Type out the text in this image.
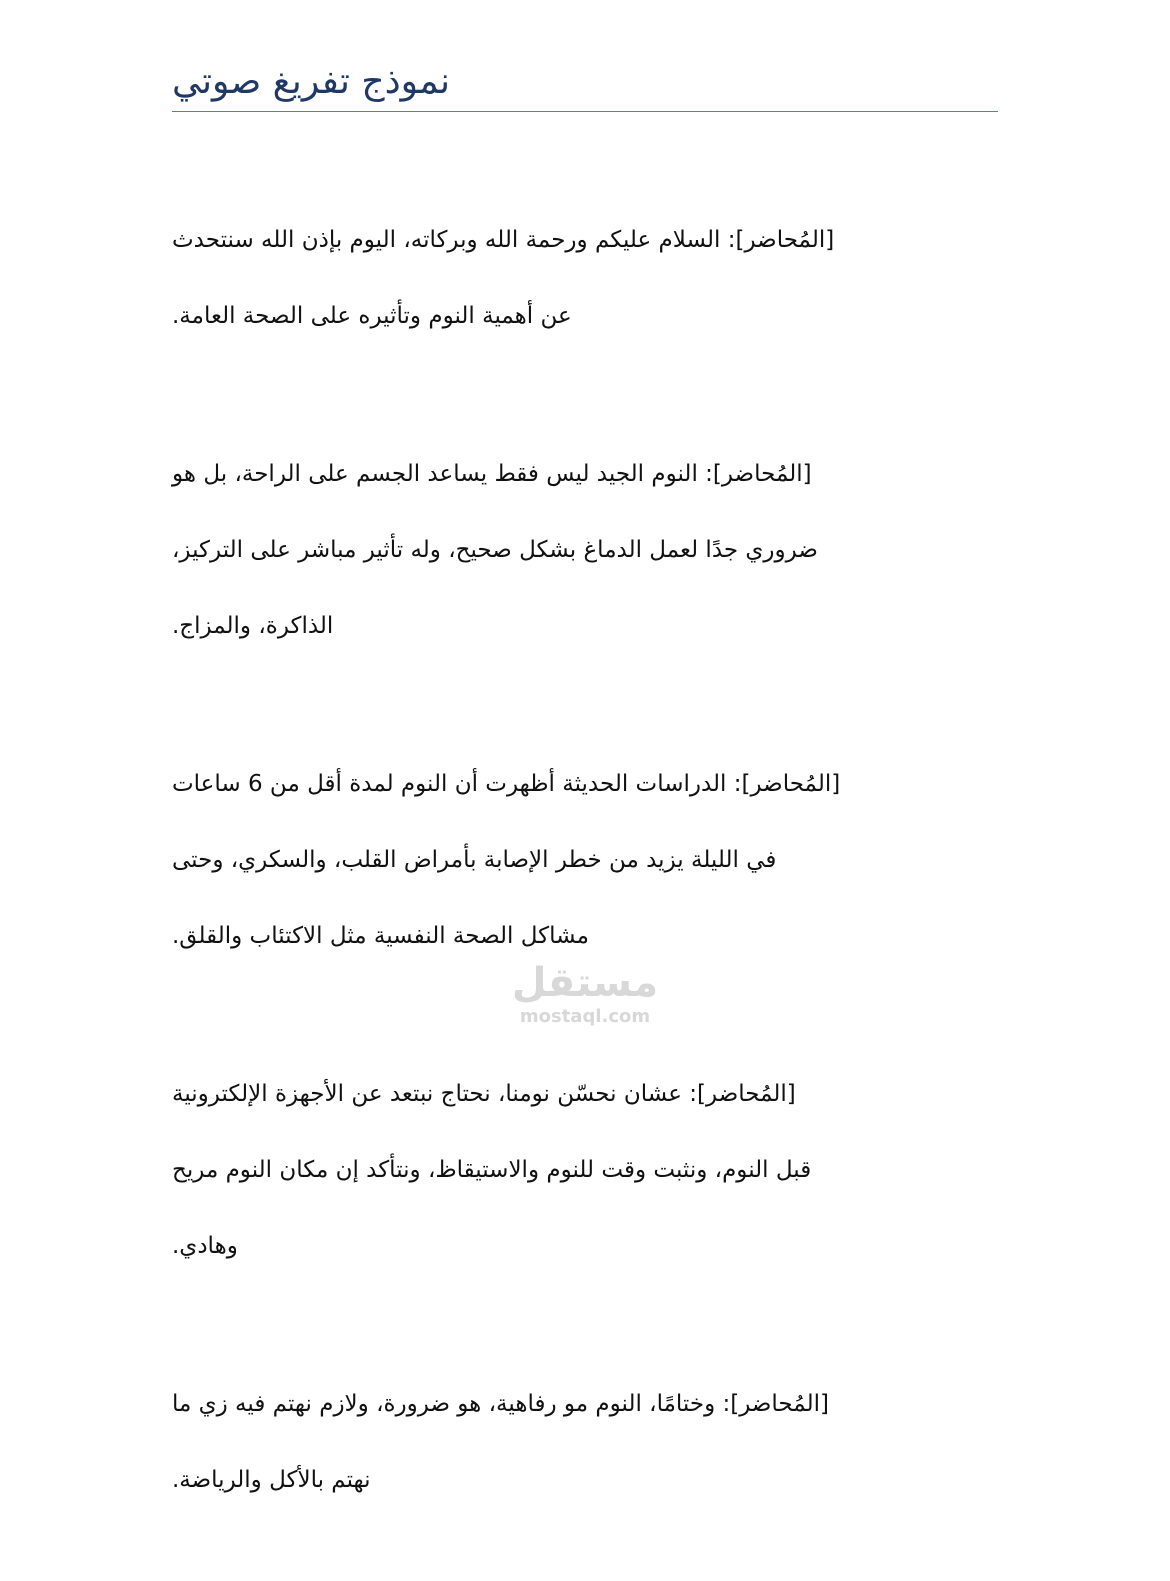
نموذج تفريغ صوتي

[المُحاضر]: السلام عليكم ورحمة الله وبركاته، اليوم بإذن الله سنتحدث

عن أهمية النوم وتأثيره على الصحة العامة.

[المُحاضر]: النوم الجيد ليس فقط يساعد الجسم على الراحة، بل هو

ضروري جدًا لعمل الدماغ بشكل صحيح، وله تأثير مباشر على التركيز،

الذاكرة، والمزاج.

[المُحاضر]: الدراسات الحديثة أظهرت أن النوم لمدة أقل من 6 ساعات

في الليلة يزيد من خطر الإصابة بأمراض القلب، والسكري، وحتى

مشاكل الصحة النفسية مثل الاكتئاب والقلق.

[المُحاضر]: عشان نحسّن نومنا، نحتاج نبتعد عن الأجهزة الإلكترونية

قبل النوم، ونثبت وقت للنوم والاستيقاظ، ونتأكد إن مكان النوم مريح

وهادي.

[المُحاضر]: وختامًا، النوم مو رفاهية، هو ضرورة، ولازم نهتم فيه زي ما

نهتم بالأكل والرياضة.

مستقل
mostaql.com
